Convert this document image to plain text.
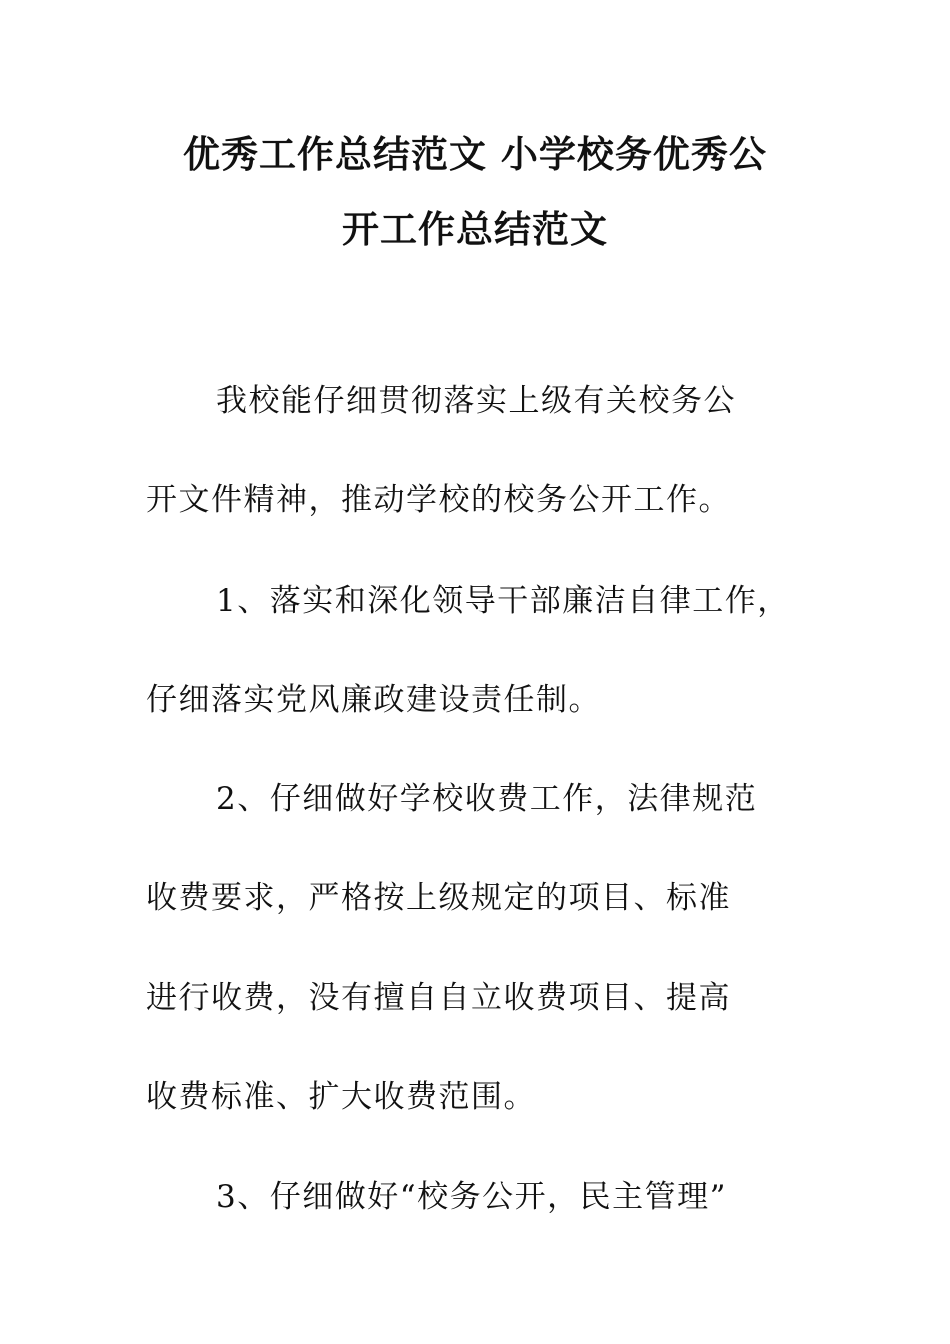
优秀工作总结范文 小学校务优秀公
开工作总结范文
我校能仔细贯彻落实上级有关校务公
开文件精神，推动学校的校务公开工作。
1、落实和深化领导干部廉洁自律工作，
仔细落实党风廉政建设责任制。
2、仔细做好学校收费工作，法律规范
收费要求，严格按上级规定的项目、标准
进行收费，没有擅自自立收费项目、提高
收费标准、扩大收费范围。
3、仔细做好“校务公开，民主管理”
